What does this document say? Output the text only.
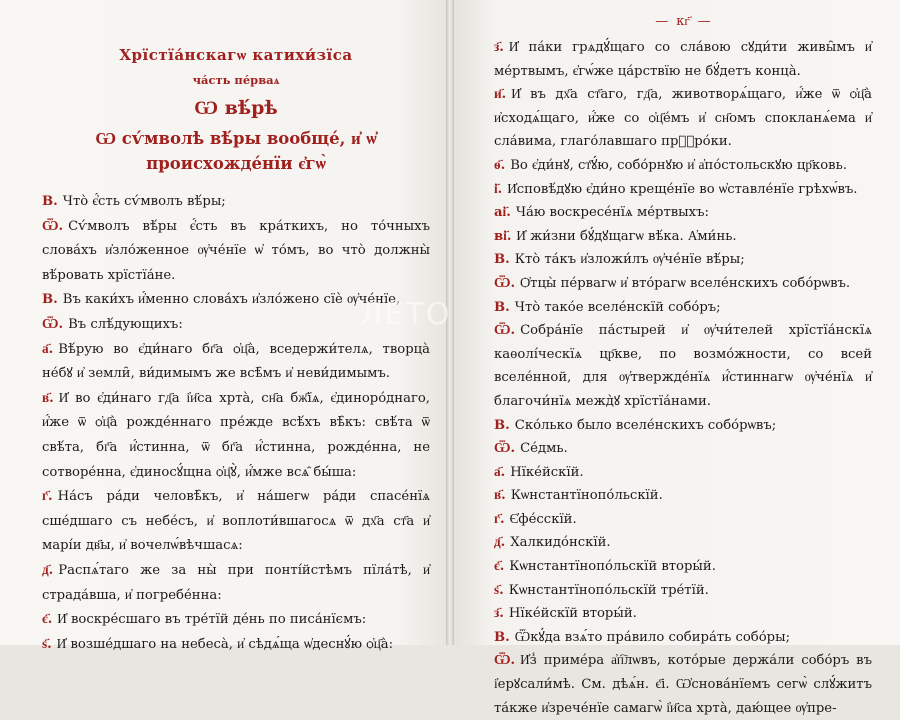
Хрїстїа́нскагѡ катихи́зїса
ча́сть пе́рваѧ
Ѡ вѣ́рѣ
Ѡ сѵ́мволѣ вѣ́ры вообще́, и҆ ѡ҆ происхожде́нїи є҆гѡ̀

В. Что̀ є҆́сть сѵ́мволъ вѣ́ры;

Ѿ. Сѵ́мволъ вѣ́ры є҆́сть въ кра́ткихъ, но то́чныхъ слова́хъ и҆зло́женное ѹ҆че́нїе ѡ҆ то́мъ, во что̀ должны̀ вѣ́ровать хрїстїа́не.

В. Въ каки́хъ и҆́менно слова́хъ и҆зло́жено сїѐ ѹ҆че́нїе,

Ѿ. Въ слѣ́дующихъ:

а҃. Вѣ́рую во є҆ди́наго бг҃а ѻ҆ц҃а̀, вседержи́телѧ, творца̀ не́бꙋ и҆ земли̑, ви́димымъ же всѣ̑мъ и҆ неви́димымъ.

в҃. И҆ во є҆ди́наго гд҃а і҆и҃са хрта̀, сн҃а бж҃їѧ, є҆диноро́днаго, и҆́же ѿ ѻ҆ц҃а̀ рожде́ннаго пре́жде всѣ́хъ вѣ̑къ: свѣ́та ѿ свѣ́та, бг҃а и҆́стинна, ѿ бг҃а и҆́стинна, рожде́нна, не сотворе́нна, є҆диносꙋ́щна ѻ҆ц҃ꙋ̀, и҆́мже всѧ̑ бы́ша:

г҃. На́съ ра́ди человѣ̑къ, и҆ на́шегѡ ра́ди спасе́нїѧ сше́дшаго съ небе́съ, и҆ воплоти́вшагосѧ ѿ дх҃а ст҃а и҆ марі́и дв҃ы, и҆ вочелѡ́вѣчшасѧ:

д҃. Распѧ́таго же за ны̀ при понті́йстѣмъ пїла́тѣ, и҆ страда́вша, и҆ погребе́нна:

є҃. И҆ воскре́сшаго въ тре́тїй де́нь по писа́нїємъ:

ѕ҃. И҆ возше́дшаго на небеса̀, и҆ сѣдѧ́ща ѡ҆деснꙋ́ю ѻ҆ц҃а̀:

— кг҃ —

з҃. И҆ па́ки грѧдꙋ́щаго со сла́вою сꙋди́ти живы̑мъ и҆ ме́ртвымъ, є҆гѡ́же ца́рствїю не бꙋ́детъ конца̀.

и҃. И҆ въ дх҃а ст҃аго, гд҃а, животворѧ́щаго, и҆́же ѿ ѻ҆ц҃а̀ и҆сходѧ́щаго, и҆́же со ѻ҆ц҃е́мъ и҆ сн҃омъ спокланѧ́ема и҆ сла́вима, глаго́лавшаго прⷪ҇ро́ки.

ѳ҃. Во є҆ди́нꙋ, ст҃ꙋ́ю, собо́рнꙋю и҆ а҆по́стольскꙋю цр҃ковь.

і҃. И҆сповѣ́дꙋю є҆ди́но креще́нїе во ѡ҆ставле́нїе грѣхѡ́въ.

аі҃. Ча́ю воскресе́нїѧ ме́ртвыхъ:

ві҃. И҆ жи́зни бꙋ́дꙋщагѡ вѣ́ка. А҆ми́нь.

В. Кто̀ та́къ и҆зложи́лъ ѹ҆че́нїе вѣ́ры;

Ѿ. Ѻ҆тцы̀ пе́рвагѡ и҆ вто́рагѡ вселе́нскихъ собо́рѡвъ.

В. Что̀ тако́е вселе́нскїй собо́ръ;

Ѿ. Собра́нїе па́стырей и҆ ѹ҆чи́телей хрїстїа́нскїѧ каѳолі́ческїѧ цр҃кве, по возмо́жности, со всей вселе́нной, для ѹ҆твержде́нїѧ и҆́стиннагѡ ѹ҆че́нїѧ и҆ благочи́нїѧ межд̀ꙋ хрїстїа́нами.

В. Ско́лько было вселе́нскихъ собо́рѡвъ;

Ѿ. Се́дмь.

а҃. Нїке́йскїй.

в҃. Кѡнстантїнопо́льскїй.

г҃. Є҆фе́сскїй.

д҃. Халкидо́нскїй.

є҃. Кѡнстантїнопо́льскїй вторы́й.

ѕ҃. Кѡнстантїнопо́льскїй тре́тїй.

з҃. Нїке́йскїй вторы́й.

В. Ѿкꙋ́да взѧ́то пра́вило собира́ть собо́ры;

Ѿ. И҆з̾ приме́ра а҆п҇лѡвъ, кото́рые держа́ли собо́ръ въ і҆ерꙋсали́мѣ. См. дѣѧ́н. є҃і. Ѡ҆снова́нїемъ сегѡ̀ слꙋ́житъ та́кже и҆зрече́нїе самагѡ̀ і҆и҃са хрта̀, даю́щее ѹ҆пре-

ЛЕТО
